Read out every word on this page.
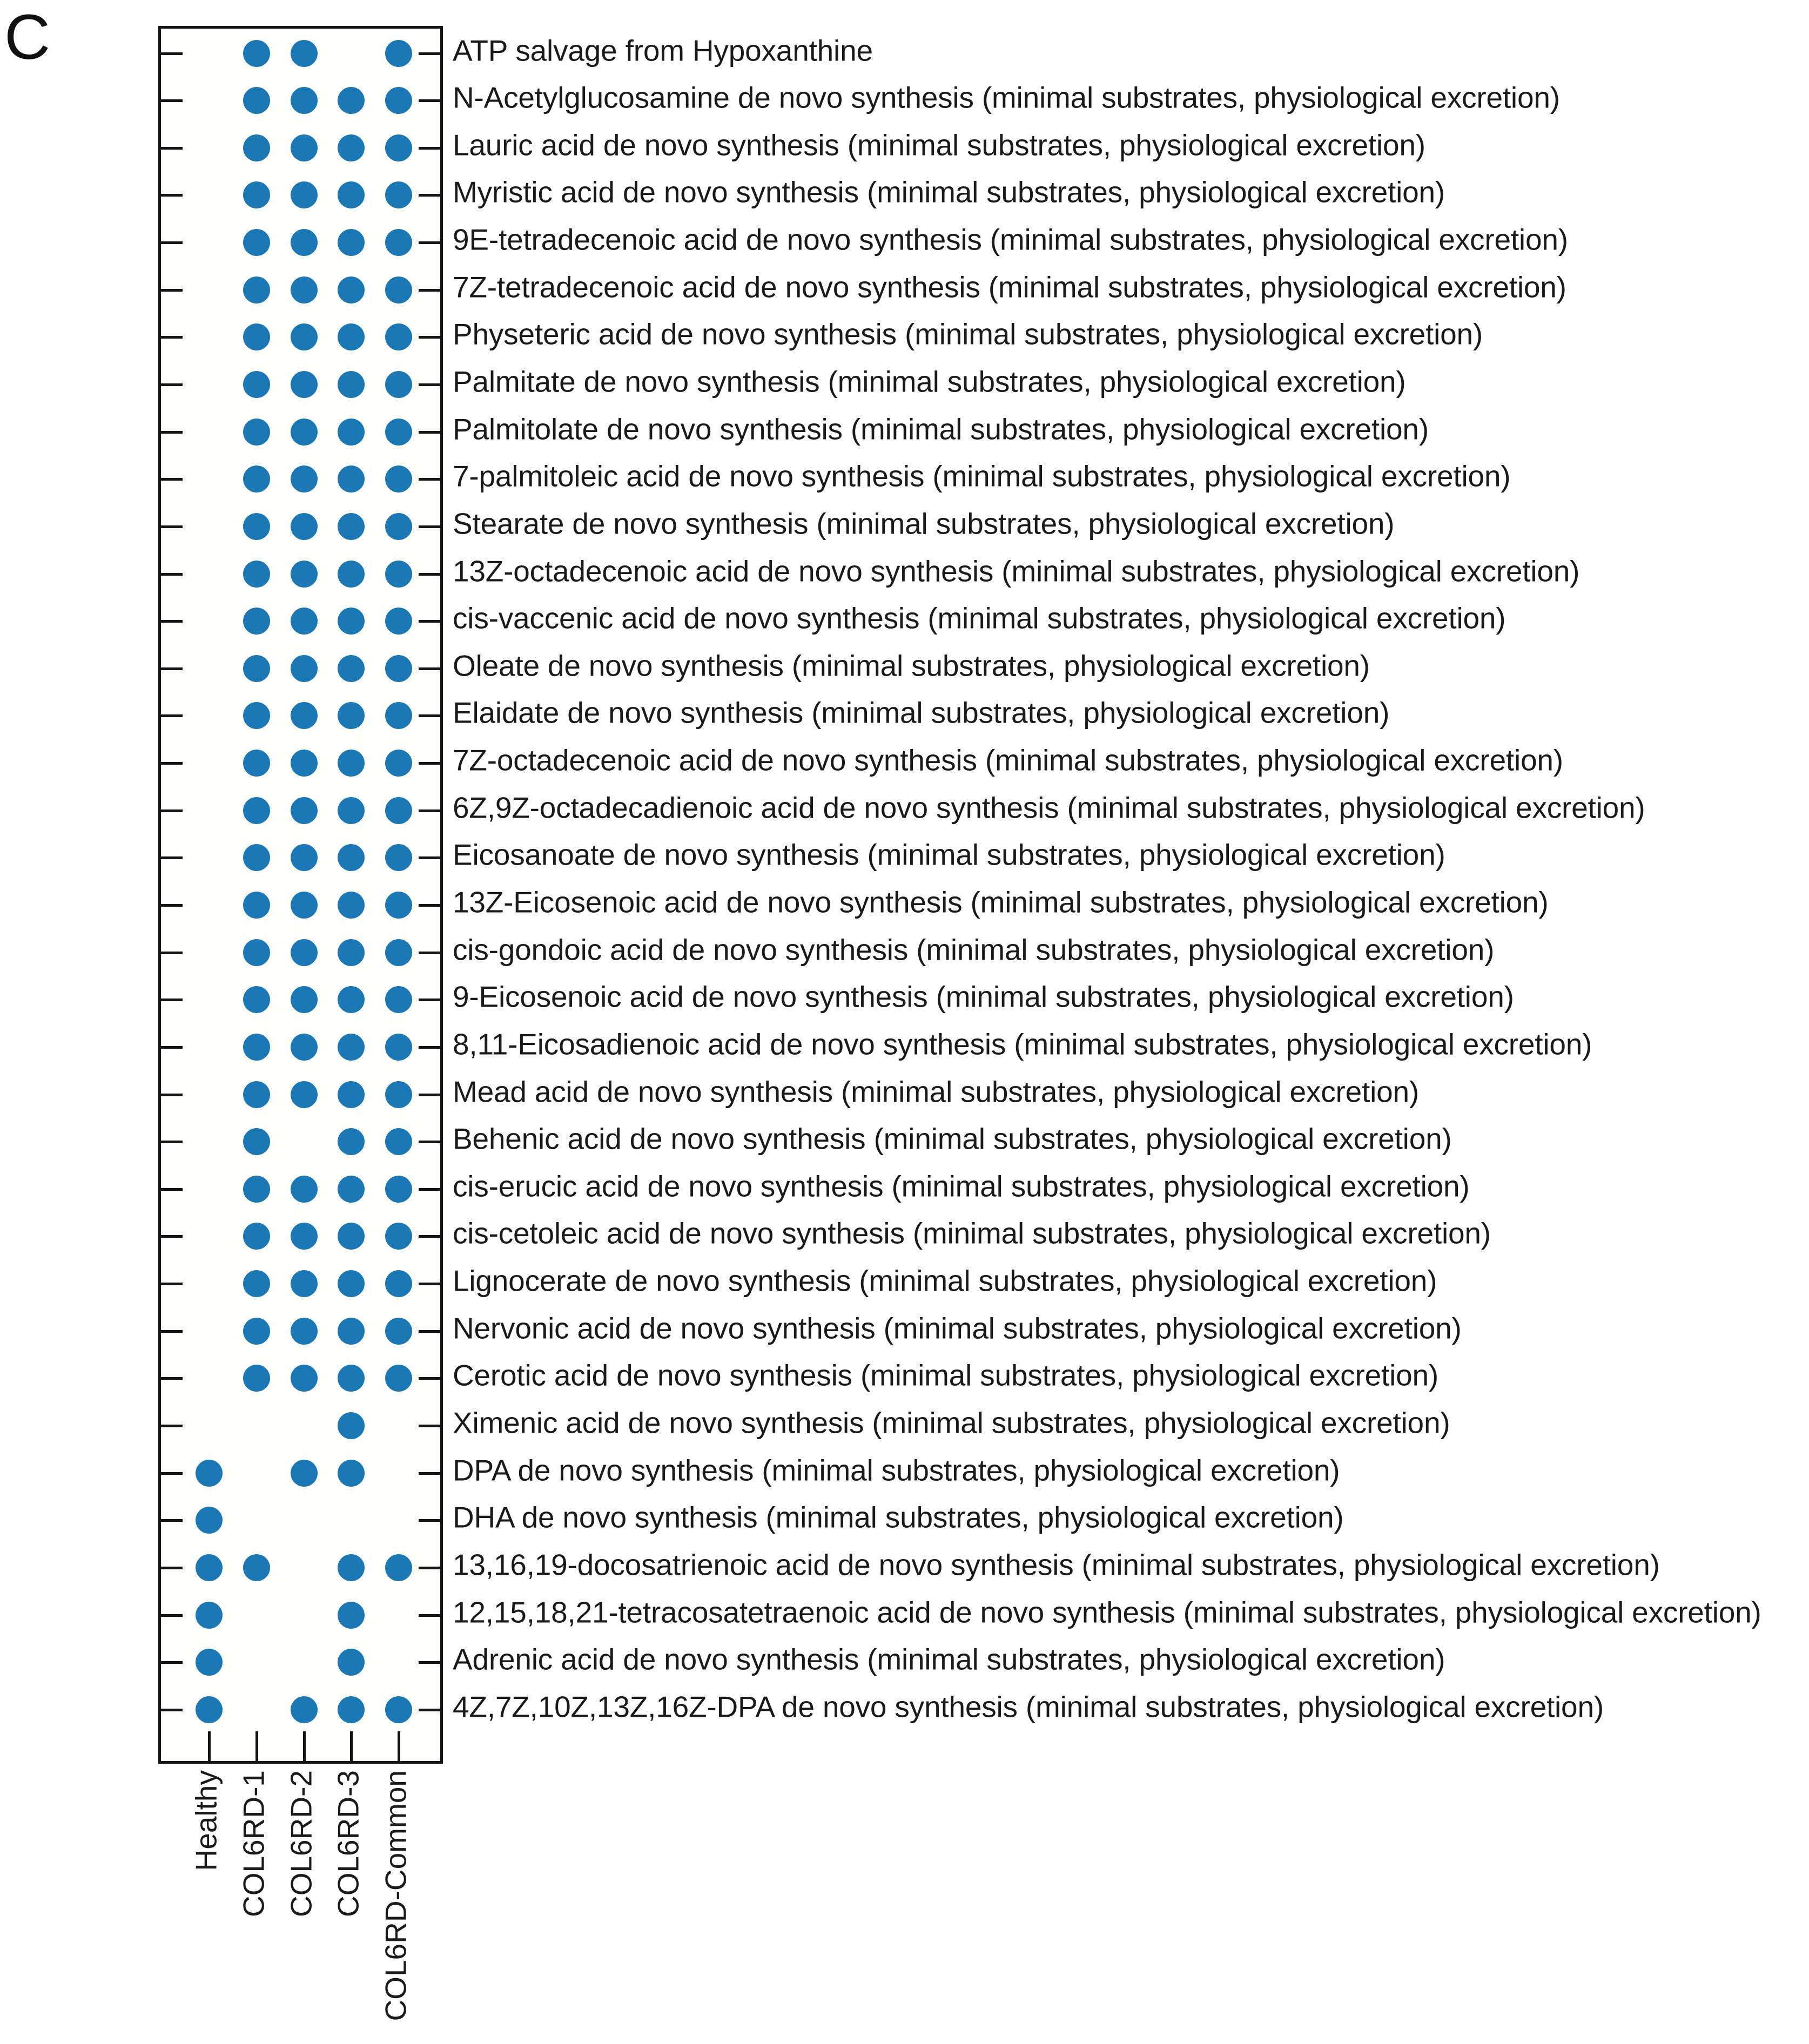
C	ATP salvage from Hypoxanthine
N-Acetylglucosamine de novo synthesis (minimal substrates, physiological excretion)
Lauric acid de novo synthesis (minimal substrates, physiological excretion)
Myristic acid de novo synthesis (minimal substrates, physiological excretion)
9E-tetradecenoic acid de novo synthesis (minimal substrates, physiological excretion)
7Z-tetradecenoic acid de novo synthesis (minimal substrates, physiological excretion)
Physeteric acid de novo synthesis (minimal substrates, physiological excretion)
Palmitate de novo synthesis (minimal substrates, physiological excretion)
Palmitolate de novo synthesis (minimal substrates, physiological excretion)
7-palmitoleic acid de novo synthesis (minimal substrates, physiological excretion)
Stearate de novo synthesis (minimal substrates, physiological excretion)
13Z-octadecenoic acid de novo synthesis (minimal substrates, physiological excretion)
cis-vaccenic acid de novo synthesis (minimal substrates, physiological excretion)
Oleate de novo synthesis (minimal substrates, physiological excretion)
Elaidate de novo synthesis (minimal substrates, physiological excretion)
7Z-octadecenoic acid de novo synthesis (minimal substrates, physiological excretion)
6Z,9Z-octadecadienoic acid de novo synthesis (minimal substrates, physiological excretion)
Eicosanoate de novo synthesis (minimal substrates, physiological excretion)
13Z-Eicosenoic acid de novo synthesis (minimal substrates, physiological excretion)
cis-gondoic acid de novo synthesis (minimal substrates, physiological excretion)
9-Eicosenoic acid de novo synthesis (minimal substrates, physiological excretion)
8,11-Eicosadienoic acid de novo synthesis (minimal substrates, physiological excretion)
Mead acid de novo synthesis (minimal substrates, physiological excretion)
Behenic acid de novo synthesis (minimal substrates, physiological excretion)
cis-erucic acid de novo synthesis (minimal substrates, physiological excretion)
cis-cetoleic acid de novo synthesis (minimal substrates, physiological excretion)
Lignocerate de novo synthesis (minimal substrates, physiological excretion)
Nervonic acid de novo synthesis (minimal substrates, physiological excretion)
Cerotic acid de novo synthesis (minimal substrates, physiological excretion)
Ximenic acid de novo synthesis (minimal substrates, physiological excretion)
DPA de novo synthesis (minimal substrates, physiological excretion)
DHA de novo synthesis (minimal substrates, physiological excretion)
13,16,19-docosatrienoic acid de novo synthesis (minimal substrates, physiological excretion)
12,15,18,21-tetracosatetraenoic acid de novo synthesis (minimal substrates, physiological excretion)
Adrenic acid de novo synthesis (minimal substrates, physiological excretion)
4Z,7Z,10Z,13Z,16Z-DPA de novo synthesis (minimal substrates, physiological excretion)
Healthy COL6RD-1 COL6RD-2 COL6RD-3 COL6RD-Common
